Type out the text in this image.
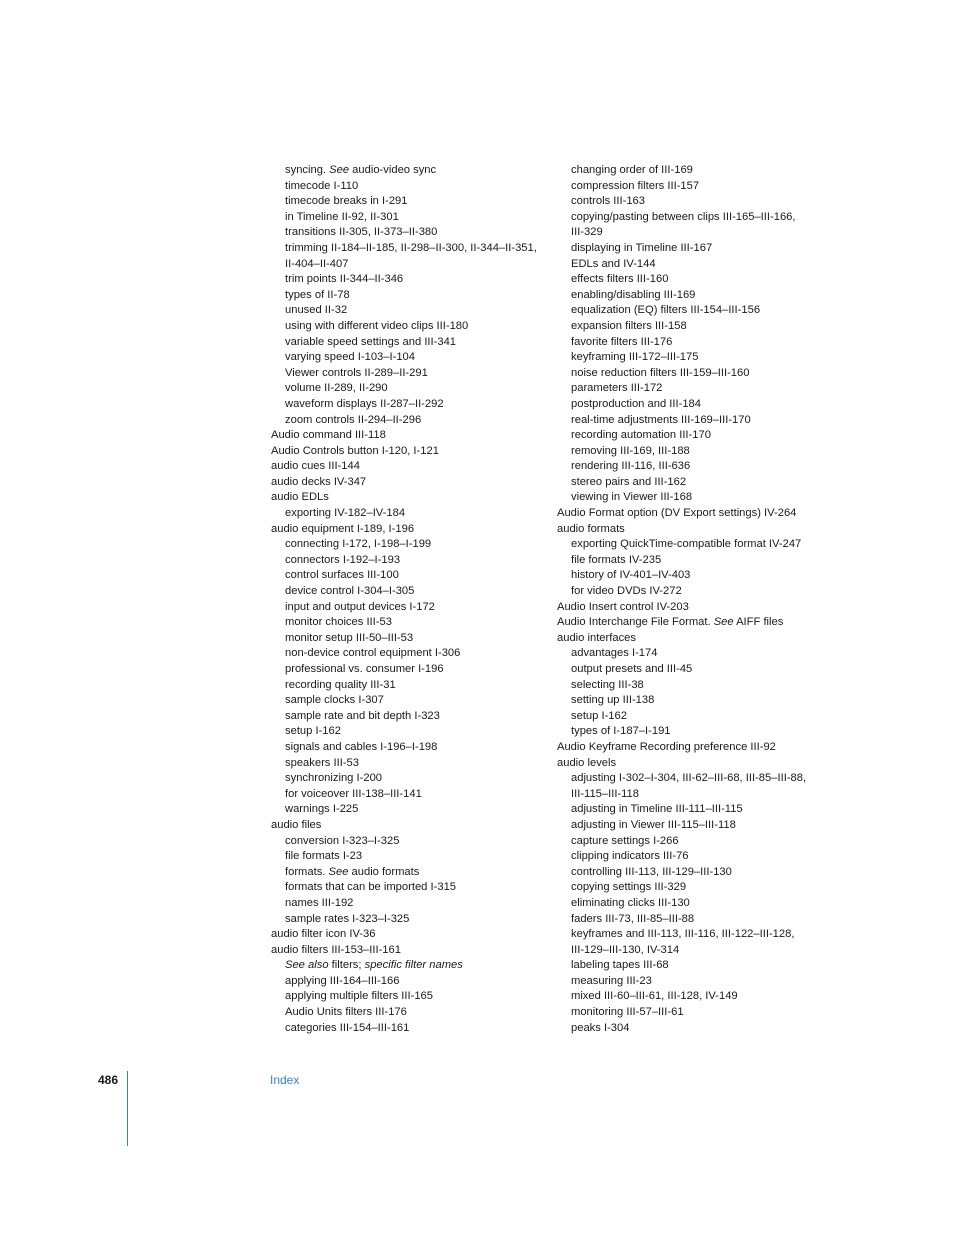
syncing. See audio-video sync
timecode I-110
timecode breaks in I-291
in Timeline II-92, II-301
transitions II-305, II-373–II-380
trimming II-184–II-185, II-298–II-300, II-344–II-351,
II-404–II-407
trim points II-344–II-346
types of II-78
unused II-32
using with different video clips III-180
variable speed settings and III-341
varying speed I-103–I-104
Viewer controls II-289–II-291
volume II-289, II-290
waveform displays II-287–II-292
zoom controls II-294–II-296
Audio command III-118
Audio Controls button I-120, I-121
audio cues III-144
audio decks IV-347
audio EDLs
exporting IV-182–IV-184
audio equipment I-189, I-196
connecting I-172, I-198–I-199
connectors I-192–I-193
control surfaces III-100
device control I-304–I-305
input and output devices I-172
monitor choices III-53
monitor setup III-50–III-53
non-device control equipment I-306
professional vs. consumer I-196
recording quality III-31
sample clocks I-307
sample rate and bit depth I-323
setup I-162
signals and cables I-196–I-198
speakers III-53
synchronizing I-200
for voiceover III-138–III-141
warnings I-225
audio files
conversion I-323–I-325
file formats I-23
formats. See audio formats
formats that can be imported I-315
names III-192
sample rates I-323–I-325
audio filter icon IV-36
audio filters III-153–III-161
See also filters; specific filter names
applying III-164–III-166
applying multiple filters III-165
Audio Units filters III-176
categories III-154–III-161
changing order of III-169
compression filters III-157
controls III-163
copying/pasting between clips III-165–III-166,
III-329
displaying in Timeline III-167
EDLs and IV-144
effects filters III-160
enabling/disabling III-169
equalization (EQ) filters III-154–III-156
expansion filters III-158
favorite filters III-176
keyframing III-172–III-175
noise reduction filters III-159–III-160
parameters III-172
postproduction and III-184
real-time adjustments III-169–III-170
recording automation III-170
removing III-169, III-188
rendering III-116, III-636
stereo pairs and III-162
viewing in Viewer III-168
Audio Format option (DV Export settings) IV-264
audio formats
exporting QuickTime-compatible format IV-247
file formats IV-235
history of IV-401–IV-403
for video DVDs IV-272
Audio Insert control IV-203
Audio Interchange File Format. See AIFF files
audio interfaces
advantages I-174
output presets and III-45
selecting III-38
setting up III-138
setup I-162
types of I-187–I-191
Audio Keyframe Recording preference III-92
audio levels
adjusting I-302–I-304, III-62–III-68, III-85–III-88,
III-115–III-118
adjusting in Timeline III-111–III-115
adjusting in Viewer III-115–III-118
capture settings I-266
clipping indicators III-76
controlling III-113, III-129–III-130
copying settings III-329
eliminating clicks III-130
faders III-73, III-85–III-88
keyframes and III-113, III-116, III-122–III-128,
III-129–III-130, IV-314
labeling tapes III-68
measuring III-23
mixed III-60–III-61, III-128, IV-149
monitoring III-57–III-61
peaks I-304
486	Index
